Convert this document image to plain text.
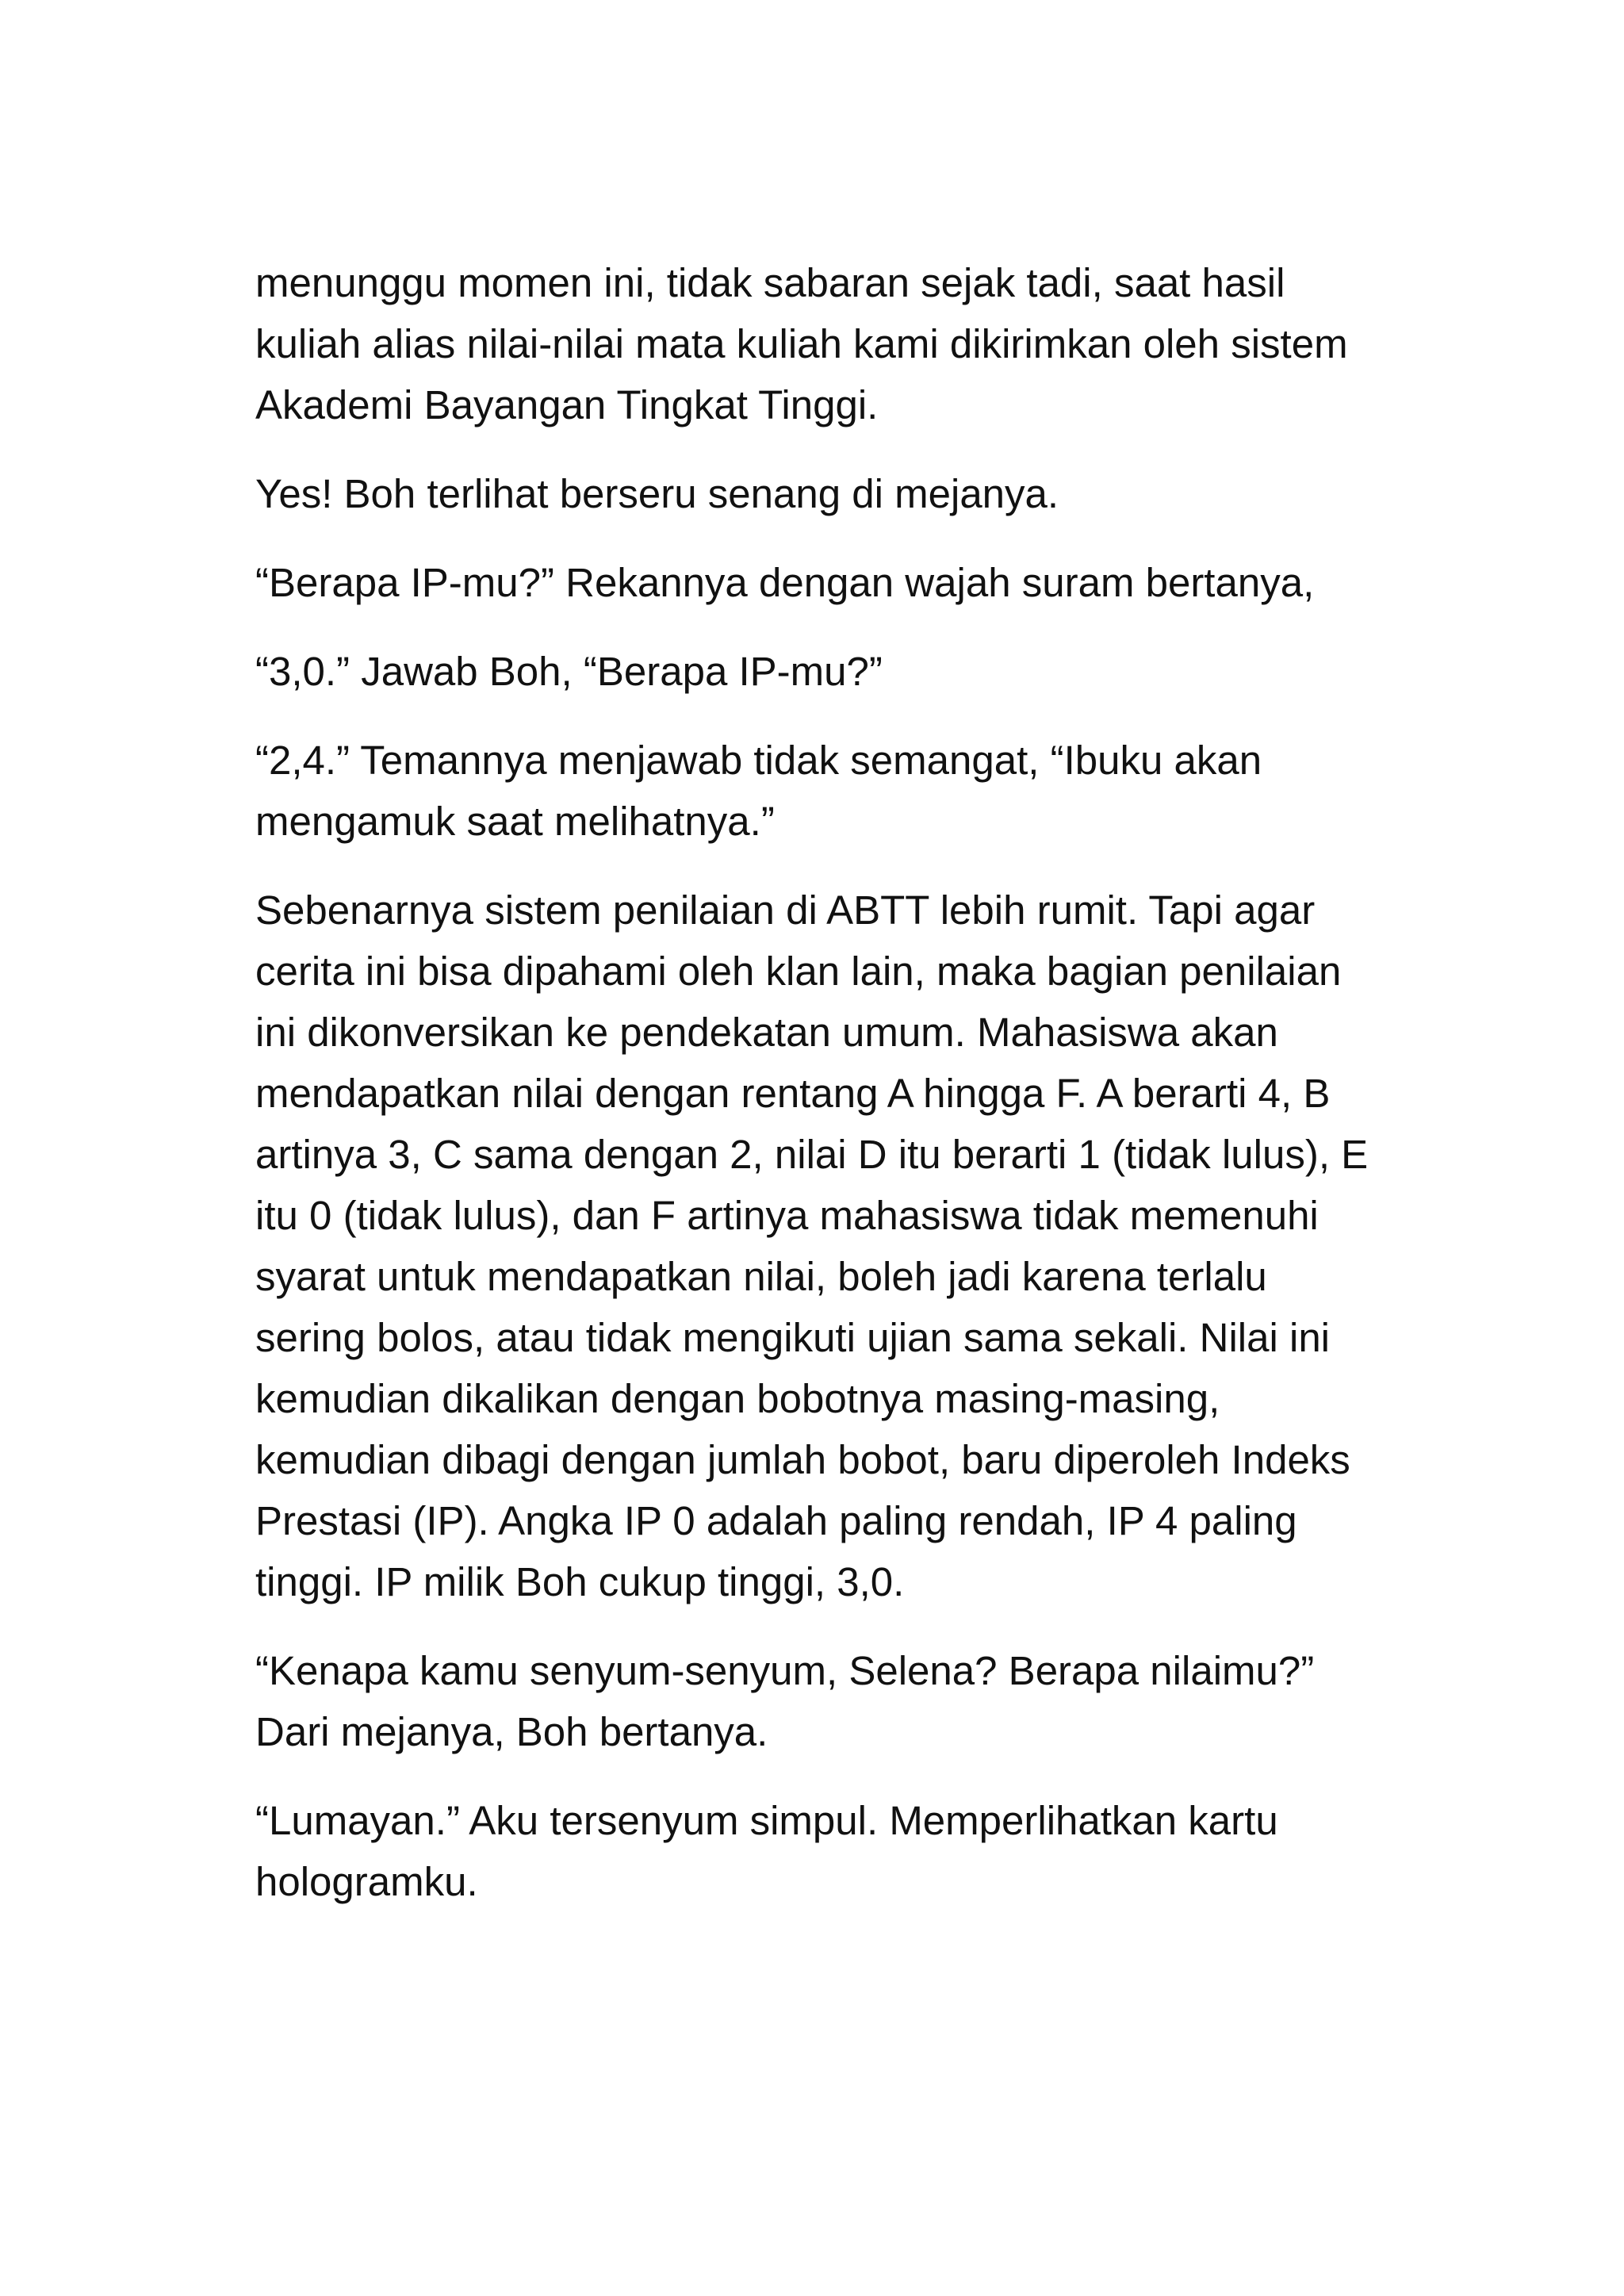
menunggu momen ini, tidak sabaran sejak tadi, saat hasil kuliah alias nilai-nilai mata kuliah kami dikirimkan oleh sistem Akademi Bayangan Tingkat Tinggi.

Yes! Boh terlihat berseru senang di mejanya.

“Berapa IP-mu?” Rekannya dengan wajah suram bertanya,

“3,0.” Jawab Boh, “Berapa IP-mu?”

“2,4.” Temannya menjawab tidak semangat, “Ibuku akan mengamuk saat melihatnya.”

Sebenarnya sistem penilaian di ABTT lebih rumit. Tapi agar cerita ini bisa dipahami oleh klan lain, maka bagian penilaian ini dikonversikan ke pendekatan umum. Mahasiswa akan mendapatkan nilai dengan rentang A hingga F. A berarti 4, B artinya 3, C sama dengan 2, nilai D itu berarti 1 (tidak lulus), E itu 0 (tidak lulus), dan F artinya mahasiswa tidak memenuhi syarat untuk mendapatkan nilai, boleh jadi karena terlalu sering bolos, atau tidak mengikuti ujian sama sekali. Nilai ini kemudian dikalikan dengan bobotnya masing-masing, kemudian dibagi dengan jumlah bobot, baru diperoleh Indeks Prestasi (IP). Angka IP 0 adalah paling rendah, IP 4 paling tinggi. IP milik Boh cukup tinggi, 3,0.

“Kenapa kamu senyum-senyum, Selena? Berapa nilaimu?” Dari mejanya, Boh bertanya.

“Lumayan.” Aku tersenyum simpul. Memperlihatkan kartu hologramku.
